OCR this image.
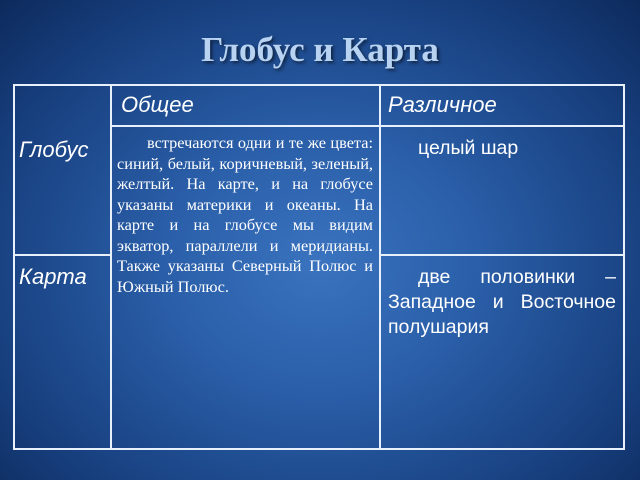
Глобус и Карта
Общее	Различное
Глобус
Карта
встречаются одни и те же цвета: синий, белый, коричневый, зеленый, желтый. На карте, и на глобусе указаны материки и океаны. На карте и на глобусе мы видим экватор, параллели и меридианы. Также указаны Северный Полюс и Южный Полюс.
целый шар
две половинки – Западное и Восточное полушария
